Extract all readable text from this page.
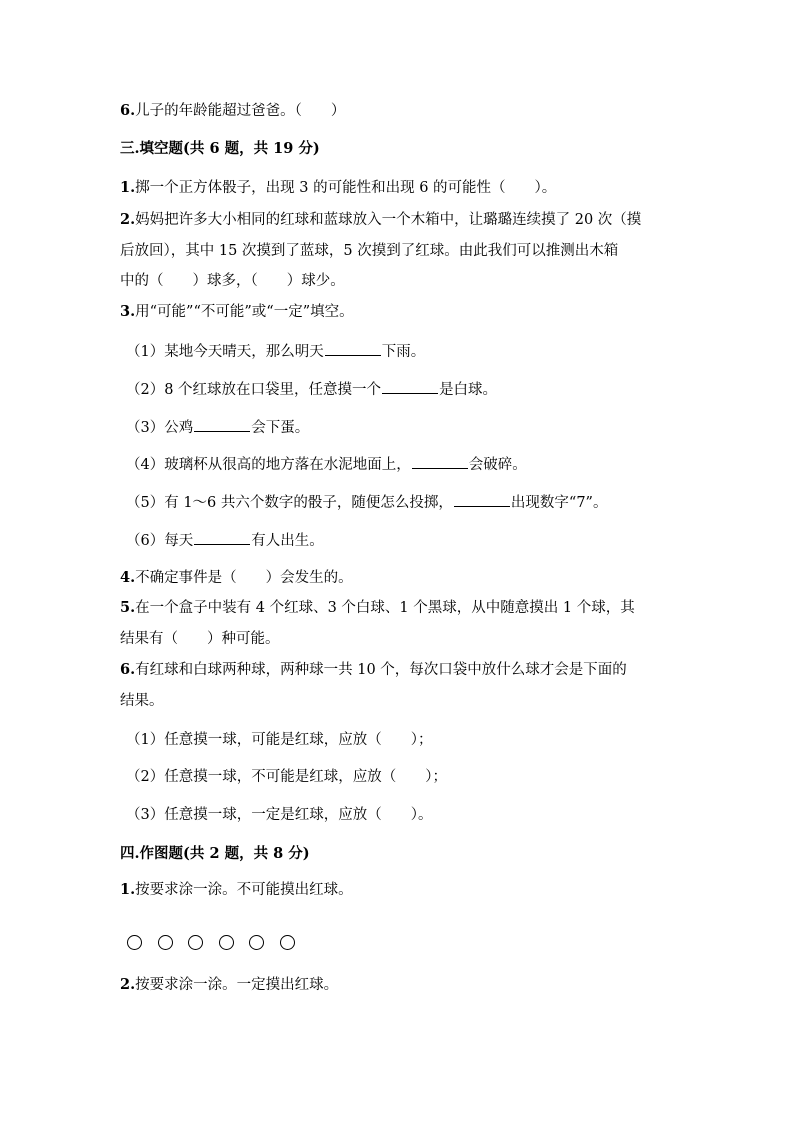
6.儿子的年龄能超过爸爸。（　　）
三.填空题(共 6 题，共 19 分)
1.掷一个正方体骰子，出现 3 的可能性和出现 6 的可能性（　　）。
2.妈妈把许多大小相同的红球和蓝球放入一个木箱中，让璐璐连续摸了 20 次（摸
后放回），其中 15 次摸到了蓝球，5 次摸到了红球。由此我们可以推测出木箱
中的（　　）球多，（　　）球少。
3.用“可能”“不可能”或“一定”填空。
（1）某地今天晴天，那么明天	下雨。
（2）8 个红球放在口袋里，任意摸一个	是白球。
（3）公鸡	会下蛋。
（4）玻璃杯从很高的地方落在水泥地面上，	会破碎。
（5）有 1～6 共六个数字的骰子，随便怎么投掷，	出现数字“7”。
（6）每天	有人出生。
4.不确定事件是（　　）会发生的。
5.在一个盒子中装有 4 个红球、3 个白球、1 个黑球，从中随意摸出 1 个球，其
结果有（　　）种可能。
6.有红球和白球两种球，两种球一共 10 个，每次口袋中放什么球才会是下面的
结果。
（1）任意摸一球，可能是红球，应放（　　）；
（2）任意摸一球，不可能是红球，应放（　　）；
（3）任意摸一球，一定是红球，应放（　　）。
四.作图题(共 2 题，共 8 分)
1.按要求涂一涂。不可能摸出红球。
2.按要求涂一涂。一定摸出红球。
